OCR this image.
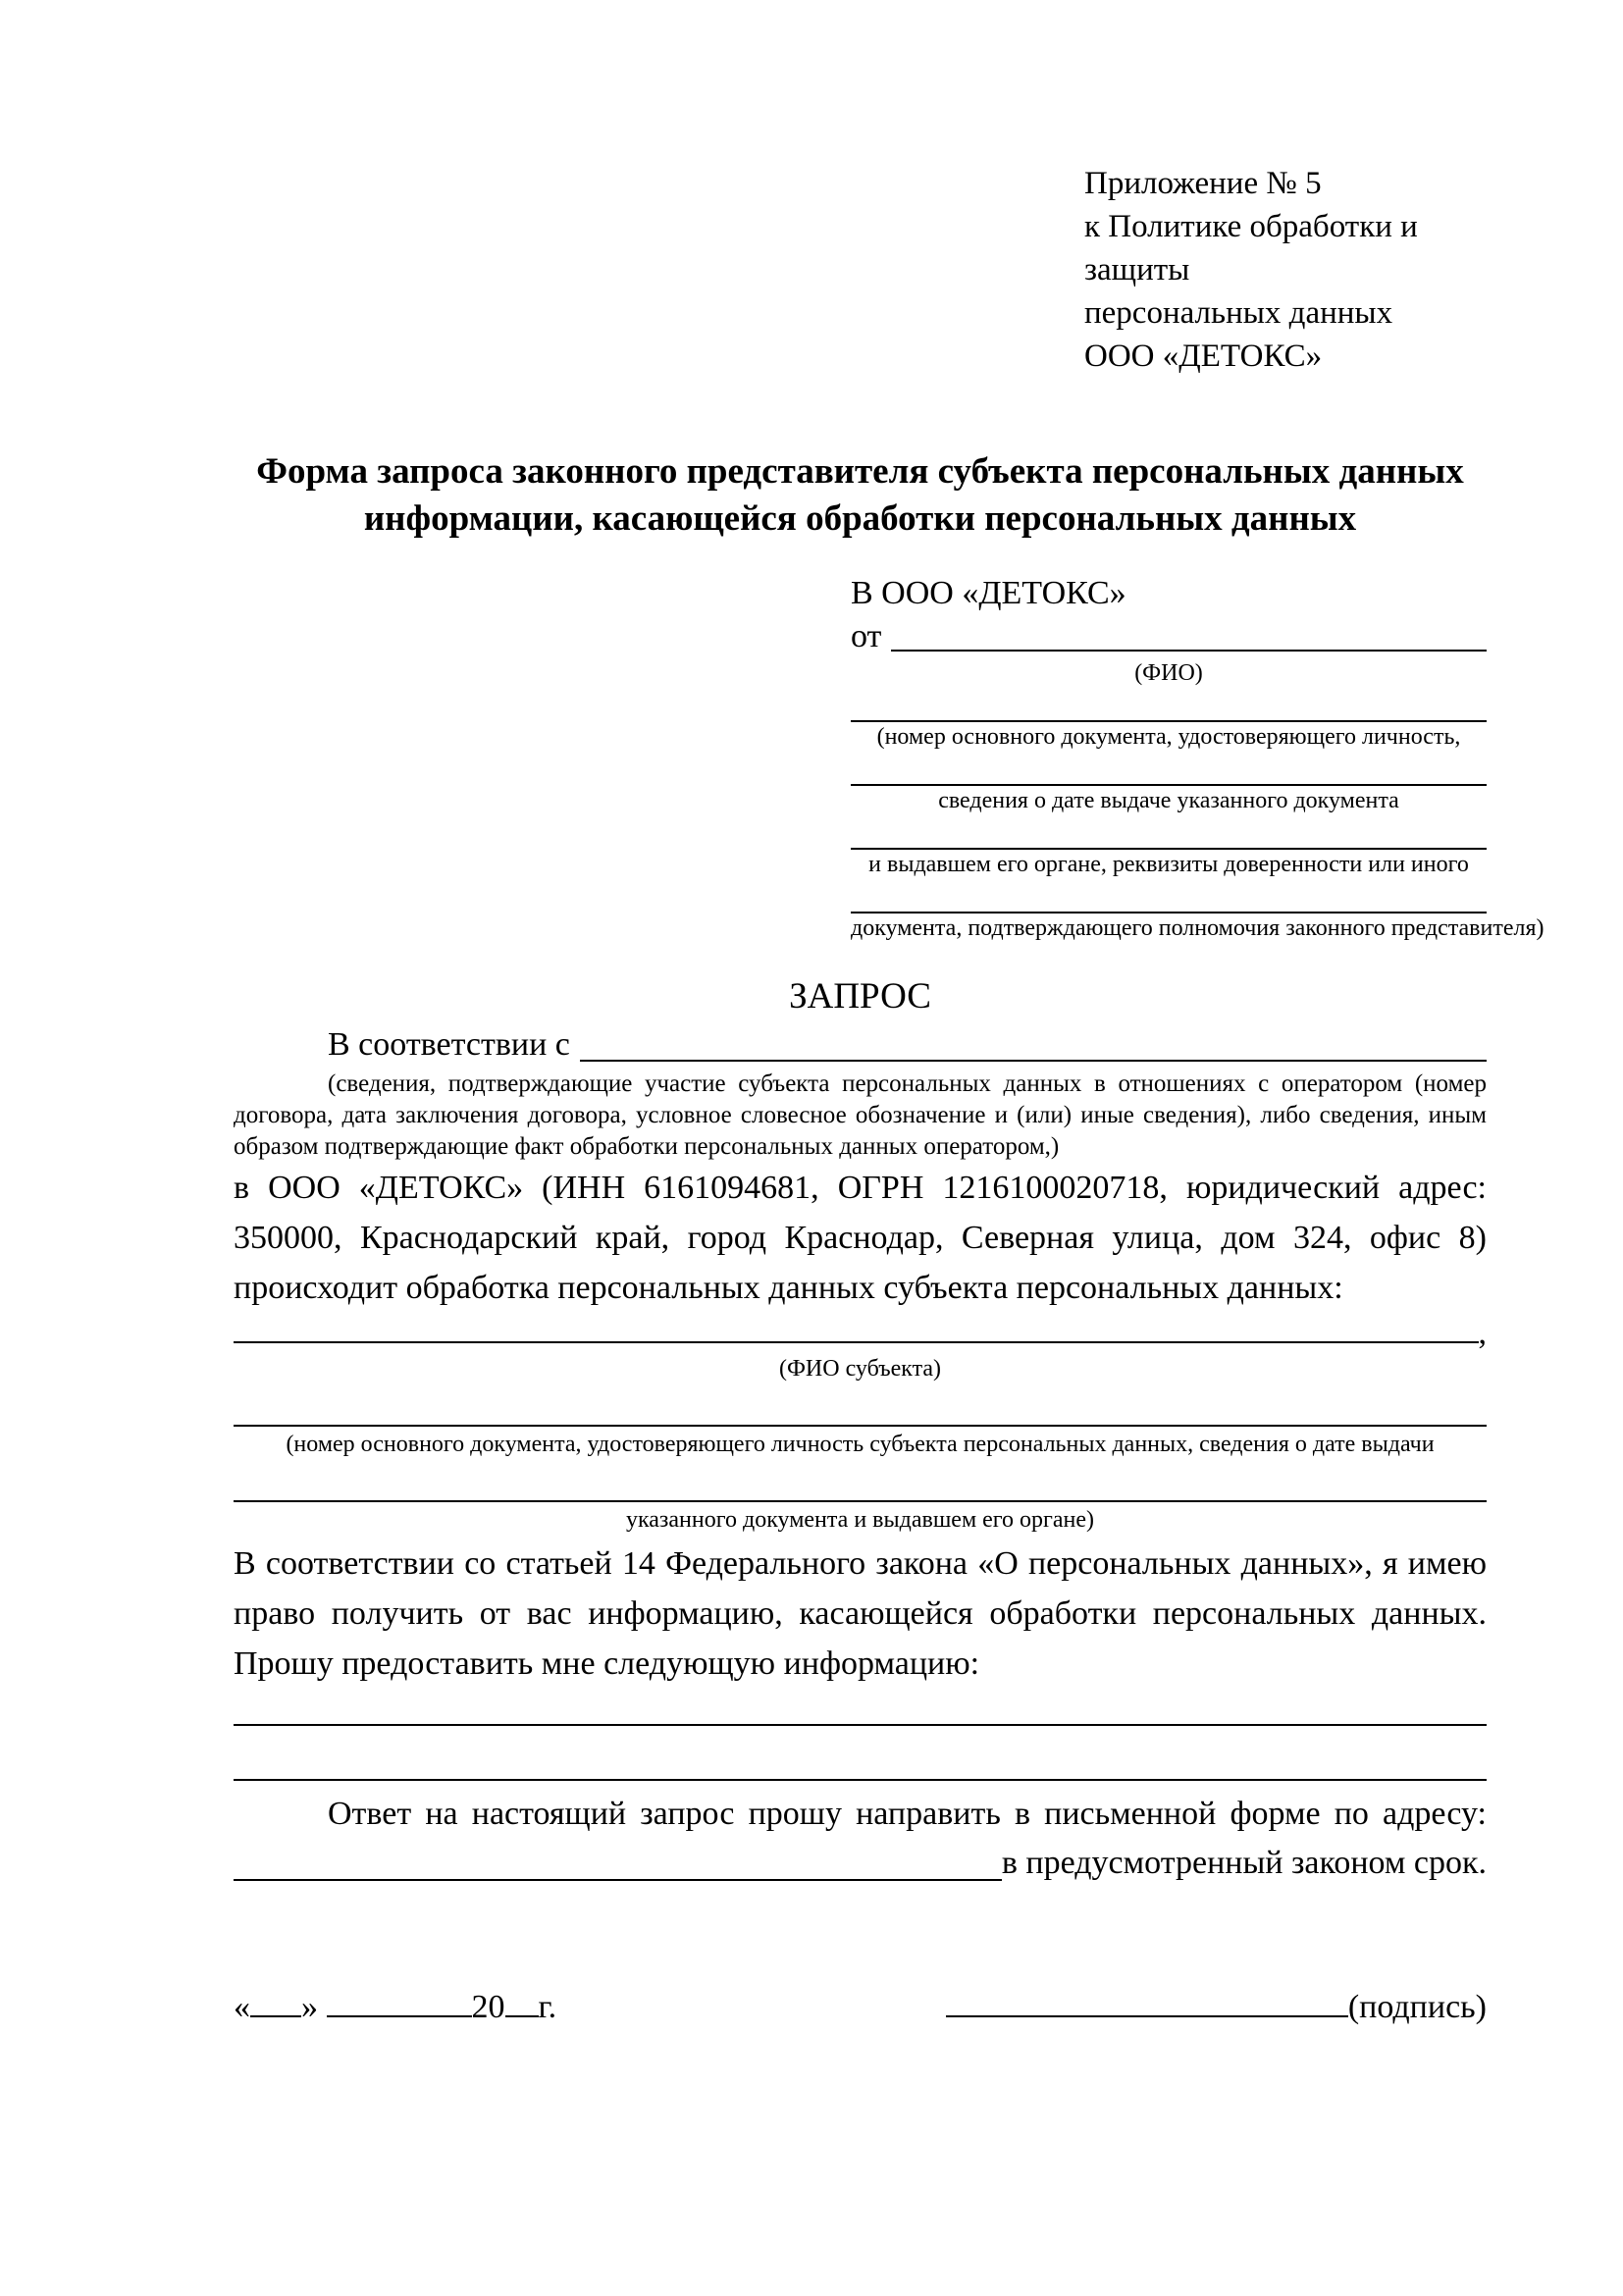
Приложение № 5
к Политике обработки и защиты
персональных данных
ООО «ДЕТОКС»
Форма запроса законного представителя субъекта персональных данных
информации, касающейся обработки персональных данных
В ООО «ДЕТОКС»
от
(ФИО)
(номер основного документа, удостоверяющего личность,
сведения о дате выдаче указанного документа
и выдавшем его органе, реквизиты доверенности или иного
документа, подтверждающего полномочия законного представителя)
ЗАПРОС
В соответствии с
(сведения, подтверждающие участие субъекта персональных данных в отношениях с оператором (номер договора, дата заключения договора, условное словесное обозначение и (или) иные сведения), либо сведения, иным образом подтверждающие факт обработки персональных данных оператором,)

в ООО «ДЕТОКС» (ИНН 6161094681, ОГРН 1216100020718, юридический адрес: 350000, Краснодарский край, город Краснодар, Северная улица, дом 324, офис 8) происходит обработка персональных данных субъекта персональных данных:

,
(ФИО субъекта)
(номер основного документа, удостоверяющего личность субъекта персональных данных, сведения о дате выдачи
указанного документа и выдавшем его органе)

В соответствии со статьей 14 Федерального закона «О персональных данных», я имею право получить от вас информацию, касающейся обработки персональных данных. Прошу предоставить мне следующую информацию:

Ответ на настоящий запрос прошу направить в письменной форме по адресу:

в предусмотренный законом срок.
« »	20 г.	(подпись)
